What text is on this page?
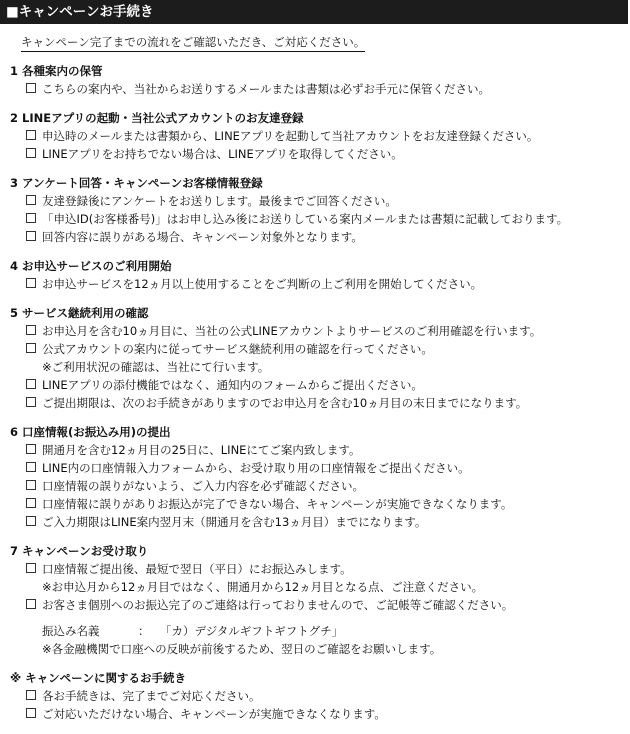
■キャンペーンお手続き
キャンペーン完了までの流れをご確認いただき、ご対応ください。
1 各種案内の保管
こちらの案内や、当社からお送りするメールまたは書類は必ずお手元に保管ください。
2 LINEアプリの起動・当社公式アカウントのお友達登録
申込時のメールまたは書類から、LINEアプリを起動して当社アカウントをお友達登録ください。
LINEアプリをお持ちでない場合は、LINEアプリを取得してください。
3 アンケート回答・キャンペーンお客様情報登録
友達登録後にアンケートをお送りします。最後までご回答ください。
「申込ID(お客様番号)」はお申し込み後にお送りしている案内メールまたは書類に記載しております。
回答内容に誤りがある場合、キャンペーン対象外となります。
4 お申込サービスのご利用開始
お申込サービスを12ヵ月以上使用することをご判断の上ご利用を開始してください。
5 サービス継続利用の確認
お申込月を含む10ヵ月目に、当社の公式LINEアカウントよりサービスのご利用確認を行います。
公式アカウントの案内に従ってサービス継続利用の確認を行ってください。
※ご利用状況の確認は、当社にて行います。
LINEアプリの添付機能ではなく、通知内のフォームからご提出ください。
ご提出期限は、次のお手続きがありますのでお申込月を含む10ヵ月目の末日までになります。
6 口座情報(お振込み用)の提出
開通月を含む12ヵ月目の25日に、LINEにてご案内致します。
LINE内の口座情報入力フォームから、お受け取り用の口座情報をご提出ください。
口座情報の誤りがないよう、ご入力内容を必ず確認ください。
口座情報に誤りがありお振込が完了できない場合、キャンペーンが実施できなくなります。
ご入力期限はLINE案内翌月末（開通月を含む13ヵ月目）までになります。
7 キャンペーンお受け取り
口座情報ご提出後、最短で翌日（平日）にお振込みします。
※お申込月から12ヵ月目ではなく、開通月から12ヵ月目となる点、ご注意ください。
お客さま個別へのお振込完了のご連絡は行っておりませんので、ご記帳等ご確認ください。
振込み名義	： 「カ）デジタルギフトギフトグチ」
※各金融機関で口座への反映が前後するため、翌日のご確認をお願いします。
※ キャンペーンに関するお手続き
各お手続きは、完了までご対応ください。
ご対応いただけない場合、キャンペーンが実施できなくなります。
